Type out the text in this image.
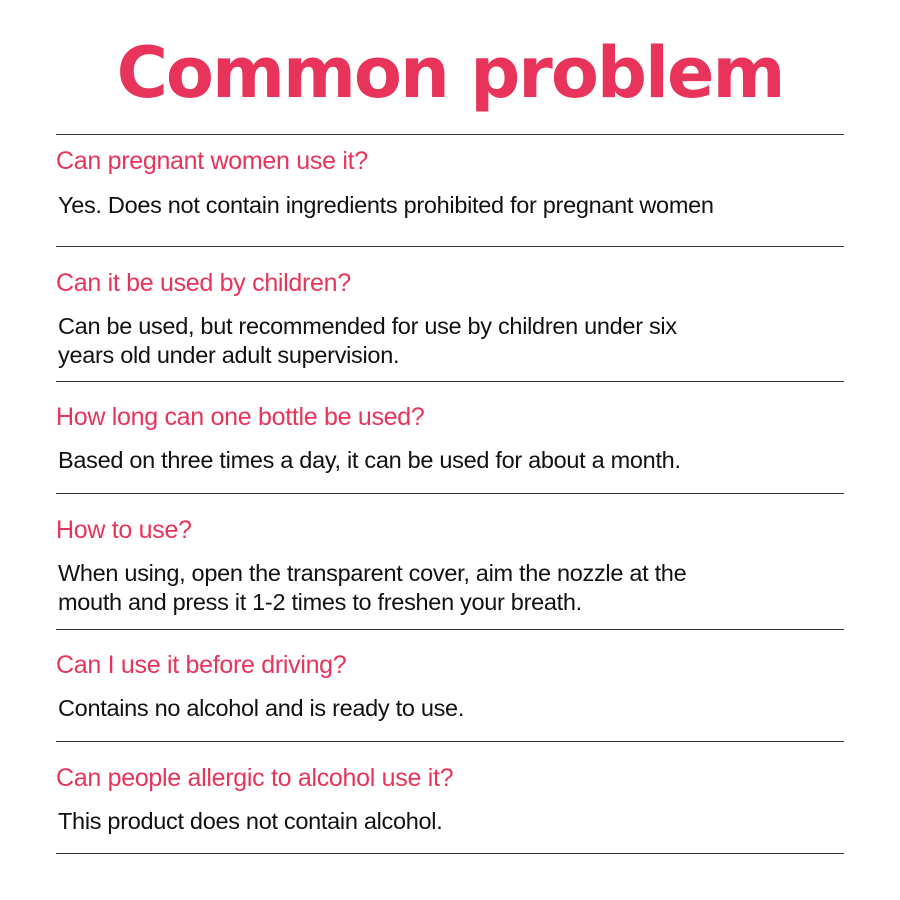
Common problem
Can pregnant women use it?
Yes. Does not contain ingredients prohibited for pregnant women
Can it be used by children?
Can be used, but recommended for use by children under six
years old under adult supervision.
How long can one bottle be used?
Based on three times a day, it can be used for about a month.
How to use?
When using, open the transparent cover, aim the nozzle at the
mouth and press it 1-2 times to freshen your breath.
Can I use it before driving?
Contains no alcohol and is ready to use.
Can people allergic to alcohol use it?
This product does not contain alcohol.
